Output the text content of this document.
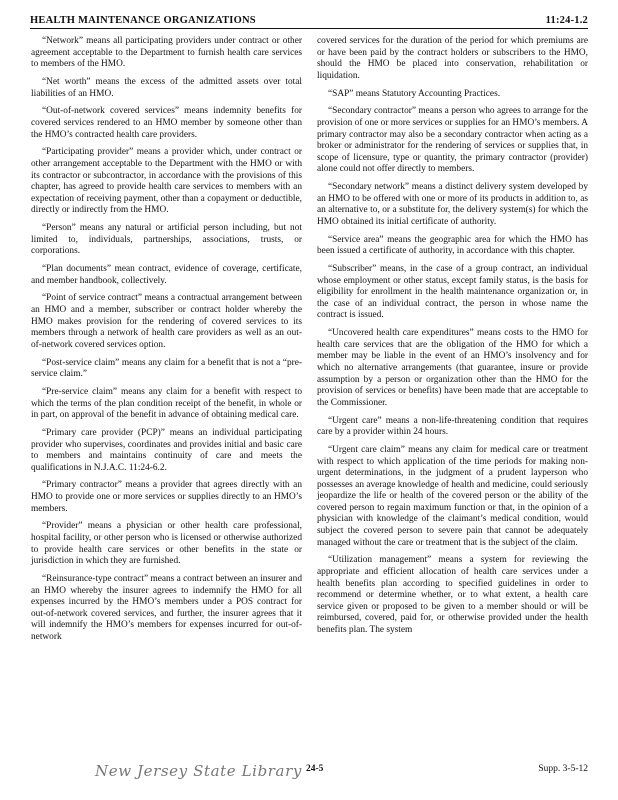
HEALTH MAINTENANCE ORGANIZATIONS	11:24-1.2

“Network” means all participating providers under contract or other agreement acceptable to the Department to furnish health care services to members of the HMO.

“Net worth” means the excess of the admitted assets over total liabilities of an HMO.

“Out-of-network covered services” means indemnity benefits for covered services rendered to an HMO member by someone other than the HMO’s contracted health care providers.

“Participating provider” means a provider which, under contract or other arrangement acceptable to the Department with the HMO or with its contractor or subcontractor, in accordance with the provisions of this chapter, has agreed to provide health care services to members with an expectation of receiving payment, other than a copayment or deductible, directly or indirectly from the HMO.

“Person” means any natural or artificial person including, but not limited to, individuals, partnerships, associations, trusts, or corporations.

“Plan documents” mean contract, evidence of coverage, certificate, and member handbook, collectively.

“Point of service contract” means a contractual arrangement between an HMO and a member, subscriber or contract holder whereby the HMO makes provision for the rendering of covered services to its members through a network of health care providers as well as an out-of-network covered services option.

“Post-service claim” means any claim for a benefit that is not a “pre-service claim.”

“Pre-service claim” means any claim for a benefit with respect to which the terms of the plan condition receipt of the benefit, in whole or in part, on approval of the benefit in advance of obtaining medical care.

“Primary care provider (PCP)” means an individual participating provider who supervises, coordinates and provides initial and basic care to members and maintains continuity of care and meets the qualifications in N.J.A.C. 11:24-6.2.

“Primary contractor” means a provider that agrees directly with an HMO to provide one or more services or supplies directly to an HMO’s members.

“Provider” means a physician or other health care professional, hospital facility, or other person who is licensed or otherwise authorized to provide health care services or other benefits in the state or jurisdiction in which they are furnished.

“Reinsurance-type contract” means a contract between an insurer and an HMO whereby the insurer agrees to indemnify the HMO for all expenses incurred by the HMO’s members under a POS contract for out-of-network covered services, and further, the insurer agrees that it will indemnify the HMO’s members for expenses incurred for out-of-network

covered services for the duration of the period for which premiums are or have been paid by the contract holders or subscribers to the HMO, should the HMO be placed into conservation, rehabilitation or liquidation.

“SAP” means Statutory Accounting Practices.

“Secondary contractor” means a person who agrees to arrange for the provision of one or more services or supplies for an HMO’s members. A primary contractor may also be a secondary contractor when acting as a broker or administrator for the rendering of services or supplies that, in scope of licensure, type or quantity, the primary contractor (provider) alone could not offer directly to members.

“Secondary network” means a distinct delivery system developed by an HMO to be offered with one or more of its products in addition to, as an alternative to, or a substitute for, the delivery system(s) for which the HMO obtained its initial certificate of authority.

“Service area” means the geographic area for which the HMO has been issued a certificate of authority, in accordance with this chapter.

“Subscriber” means, in the case of a group contract, an individual whose employment or other status, except family status, is the basis for eligibility for enrollment in the health maintenance organization or, in the case of an individual contract, the person in whose name the contract is issued.

“Uncovered health care expenditures” means costs to the HMO for health care services that are the obligation of the HMO for which a member may be liable in the event of an HMO’s insolvency and for which no alternative arrangements (that guarantee, insure or provide assumption by a person or organization other than the HMO for the provision of services or benefits) have been made that are acceptable to the Commissioner.

“Urgent care” means a non-life-threatening condition that requires care by a provider within 24 hours.

“Urgent care claim” means any claim for medical care or treatment with respect to which application of the time periods for making non-urgent determinations, in the judgment of a prudent layperson who possesses an average knowledge of health and medicine, could seriously jeopardize the life or health of the covered person or the ability of the covered person to regain maximum function or that, in the opinion of a physician with knowledge of the claimant’s medical condition, would subject the covered person to severe pain that cannot be adequately managed without the care or treatment that is the subject of the claim.

“Utilization management” means a system for reviewing the appropriate and efficient allocation of health care services under a health benefits plan according to specified guidelines in order to recommend or determine whether, or to what extent, a health care service given or proposed to be given to a member should or will be reimbursed, covered, paid for, or otherwise provided under the health benefits plan. The system

New Jersey State Library 24-5	Supp. 3-5-12
